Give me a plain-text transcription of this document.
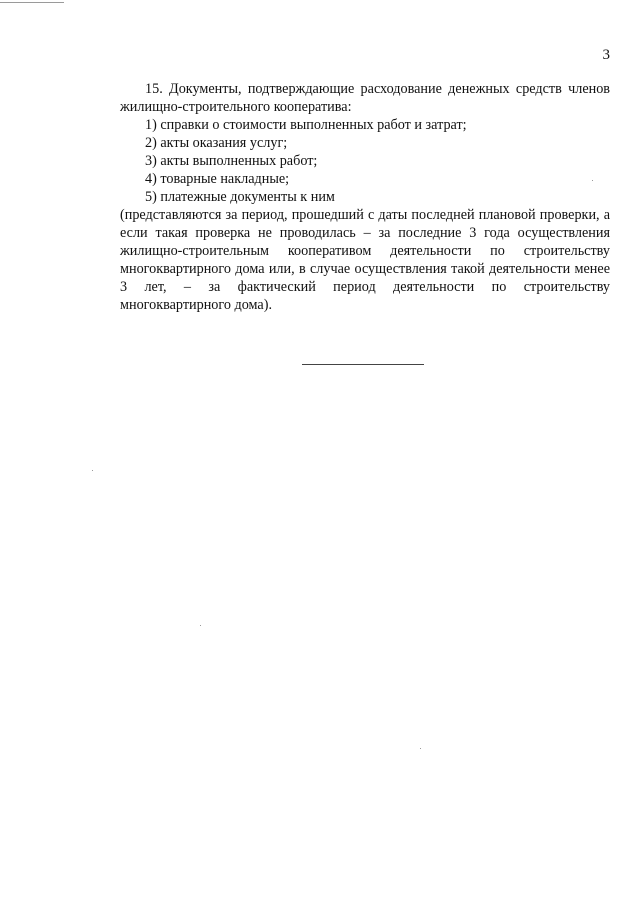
3

15. Документы, подтверждающие расходование денежных средств членов жилищно-строительного кооператива:

1) справки о стоимости выполненных работ и затрат;
2) акты оказания услуг;
3) акты выполненных работ;
4) товарные накладные;
5) платежные документы к ним

(представляются за период, прошедший с даты последней плановой проверки, а если такая проверка не проводилась – за последние 3 года осуществления жилищно-строительным кооперативом деятельности по строительству многоквартирного дома или, в случае осуществления такой деятельности менее 3 лет, – за фактический период деятельности по строительству многоквартирного дома).
